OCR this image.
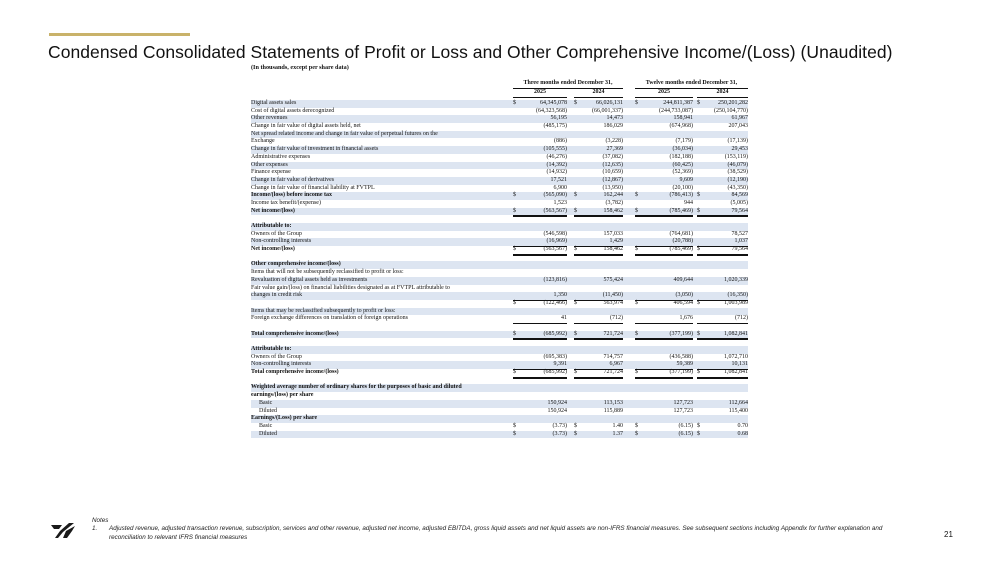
Condensed Consolidated Statements of Profit or Loss and Other Comprehensive Income/(Loss) (Unaudited)
(In thousands, except per share data)
Three months ended December 31,	Twelve months ended December 31,
2025	2024	2025	2024
Digital assets sales	$	64,345,078 $	66,026,131 $	244,811,387 $	250,201,282
Cost of digital assets derecognized	(64,323,568)	(66,001,337)	(244,733,087)	(250,104,770)
Other revenues	56,195	14,473	158,941	61,967
Change in fair value of digital assets held, net	(485,175)	186,029	(674,968)	207,043
Net spread related income and change in fair value of perpetual futures on the
Exchange	(886)	(3,228)	(7,179)	(17,139)
Change in fair value of investment in financial assets	(105,555)	27,369	(36,034)	29,453
Administrative expenses	(46,276)	(37,082)	(182,188)	(153,119)
Other expenses	(14,392)	(12,635)	(60,425)	(46,079)
Finance expense	(14,932)	(10,659)	(52,369)	(38,529)
Change in fair value of derivatives	17,521	(12,867)	9,609	(12,190)
Change in fair value of financial liability at FVTPL	6,900	(13,950)	(20,100)	(43,350)
Income/(loss) before income tax	$	(565,090) $	162,244 $	(786,413) $	84,569
Income tax benefit/(expense)	1,523	(3,782)	944	(5,005)
Net income/(loss)	$	(563,567) $	158,462 $	(785,469) $	79,564
Attributable to:
Owners of the Group	(546,598)	157,033	(764,681)	78,527
Non-controlling interests	(16,969)	1,429	(20,788)	1,037
Net income/(loss)	$	(563,567) $	158,462 $	(785,469) $	79,564
Other comprehensive income/(loss)
Items that will not be subsequently reclassified to profit or loss:
Revaluation of digital assets held as investments	(123,816)	575,424	409,644	1,020,339
Fair value gain/(loss) on financial liabilities designated as at FVTPL attributable to
changes in credit risk	1,350	(11,450)	(3,050)	(16,350)
$	(122,466) $	563,974 $	406,594 $	1,003,989
Items that may be reclassified subsequently to profit or loss:
Foreign exchange differences on translation of foreign operations	41	(712)	1,676	(712)
Total comprehensive income/(loss)	$	(685,992) $	721,724 $	(377,199) $	1,082,841
Attributable to:
Owners of the Group	(695,383)	714,757	(436,588)	1,072,710
Non-controlling interests	9,391	6,967	59,389	10,131
Total comprehensive income/(loss)	$	(685,992) $	721,724 $	(377,199) $	1,082,841
Weighted average number of ordinary shares for the purposes of basic and diluted
earnings/(loss) per share
Basic	150,924	113,153	127,723	112,664
Diluted	150,924	115,889	127,723	115,400
Earnings/(Loss) per share
Basic	$	(3.73) $	1.40 $	(6.15) $	0.70
Diluted	$	(3.73) $	1.37 $	(6.15) $	0.68
Notes
1. Adjusted revenue, adjusted transaction revenue, subscription, services and other revenue, adjusted net income, adjusted EBITDA, gross liquid assets and net liquid assets are non-IFRS financial measures. See subsequent sections including Appendix for further explanation and reconciliation to relevant IFRS financial measures	21
